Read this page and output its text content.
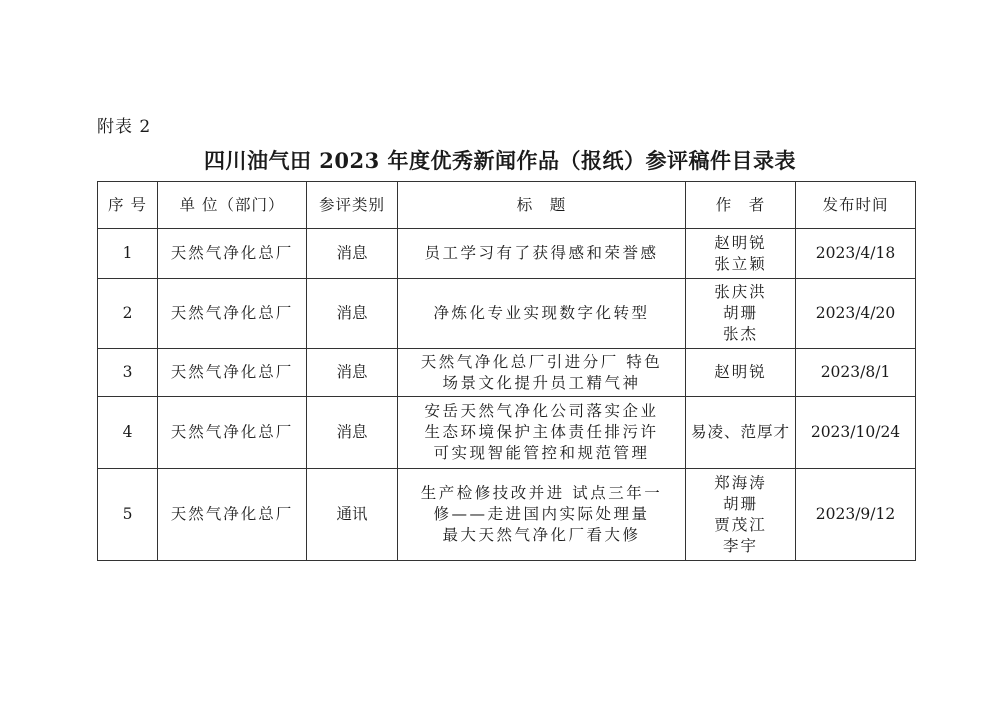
附表 2
四川油气田 2023 年度优秀新闻作品（报纸）参评稿件目录表
序 号	单 位（部门）	参评类别	标　题	作　者	发布时间
1	天然气净化总厂	消息	员工学习有了获得感和荣誉感	赵明锐
张立颖	2023/4/18
2	天然气净化总厂	消息	净炼化专业实现数字化转型	张庆洪
胡珊
张杰	2023/4/20
3	天然气净化总厂	消息	天然气净化总厂引进分厂 特色
场景文化提升员工精气神	赵明锐	2023/8/1
4	天然气净化总厂	消息	安岳天然气净化公司落实企业
生态环境保护主体责任排污许
可实现智能管控和规范管理	易凌、范厚才	2023/10/24
5	天然气净化总厂	通讯	生产检修技改并进 试点三年一
修——走进国内实际处理量
最大天然气净化厂看大修	郑海涛
胡珊
贾茂江
李宇	2023/9/12
